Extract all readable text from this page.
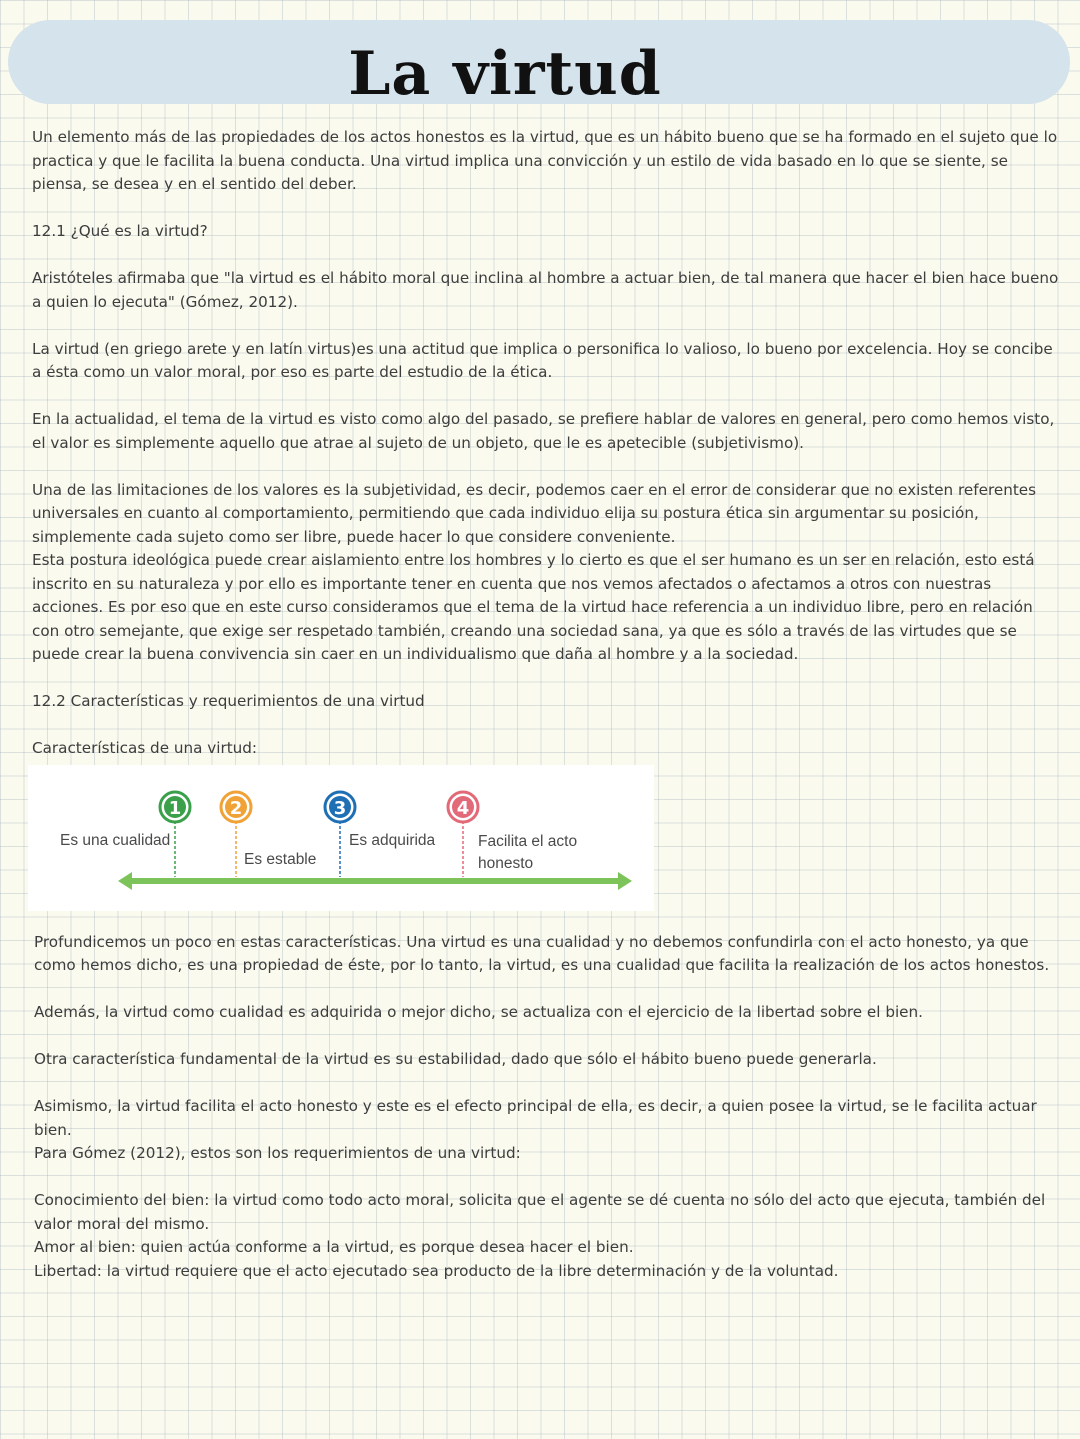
La virtud

Un elemento más de las propiedades de los actos honestos es la virtud, que es un hábito bueno que se ha formado en el sujeto que lo practica y que le facilita la buena conducta. Una virtud implica una convicción y un estilo de vida basado en lo que se siente, se piensa, se desea y en el sentido del deber.

12.1 ¿Qué es la virtud?

Aristóteles afirmaba que "la virtud es el hábito moral que inclina al hombre a actuar bien, de tal manera que hacer el bien hace bueno a quien lo ejecuta" (Gómez, 2012).

La virtud (en griego arete y en latín virtus)es una actitud que implica o personifica lo valioso, lo bueno por excelencia. Hoy se concibe a ésta como un valor moral, por eso es parte del estudio de la ética.

En la actualidad, el tema de la virtud es visto como algo del pasado, se prefiere hablar de valores en general, pero como hemos visto, el valor es simplemente aquello que atrae al sujeto de un objeto, que le es apetecible (subjetivismo).

Una de las limitaciones de los valores es la subjetividad, es decir, podemos caer en el error de considerar que no existen referentes universales en cuanto al comportamiento, permitiendo que cada individuo elija su postura ética sin argumentar su posición, simplemente cada sujeto como ser libre, puede hacer lo que considere conveniente.

Esta postura ideológica puede crear aislamiento entre los hombres y lo cierto es que el ser humano es un ser en relación, esto está inscrito en su naturaleza y por ello es importante tener en cuenta que nos vemos afectados o afectamos a otros con nuestras acciones. Es por eso que en este curso consideramos que el tema de la virtud hace referencia a un individuo libre, pero en relación con otro semejante, que exige ser respetado también, creando una sociedad sana, ya que es sólo a través de las virtudes que se puede crear la buena convivencia sin caer en un individualismo que daña al hombre y a la sociedad.

12.2 Características y requerimientos de una virtud

Características de una virtud:

1
Es una cualidad
2
Es estable
3
Es adquirida
4
Facilita el acto
honesto

Profundicemos un poco en estas características. Una virtud es una cualidad y no debemos confundirla con el acto honesto, ya que como hemos dicho, es una propiedad de éste, por lo tanto, la virtud, es una cualidad que facilita la realización de los actos honestos.

Además, la virtud como cualidad es adquirida o mejor dicho, se actualiza con el ejercicio de la libertad sobre el bien.

Otra característica fundamental de la virtud es su estabilidad, dado que sólo el hábito bueno puede generarla.

Asimismo, la virtud facilita el acto honesto y este es el efecto principal de ella, es decir, a quien posee la virtud, se le facilita actuar bien.

Para Gómez (2012), estos son los requerimientos de una virtud:

Conocimiento del bien: la virtud como todo acto moral, solicita que el agente se dé cuenta no sólo del acto que ejecuta, también del valor moral del mismo.

Amor al bien: quien actúa conforme a la virtud, es porque desea hacer el bien.

Libertad: la virtud requiere que el acto ejecutado sea producto de la libre determinación y de la voluntad.
